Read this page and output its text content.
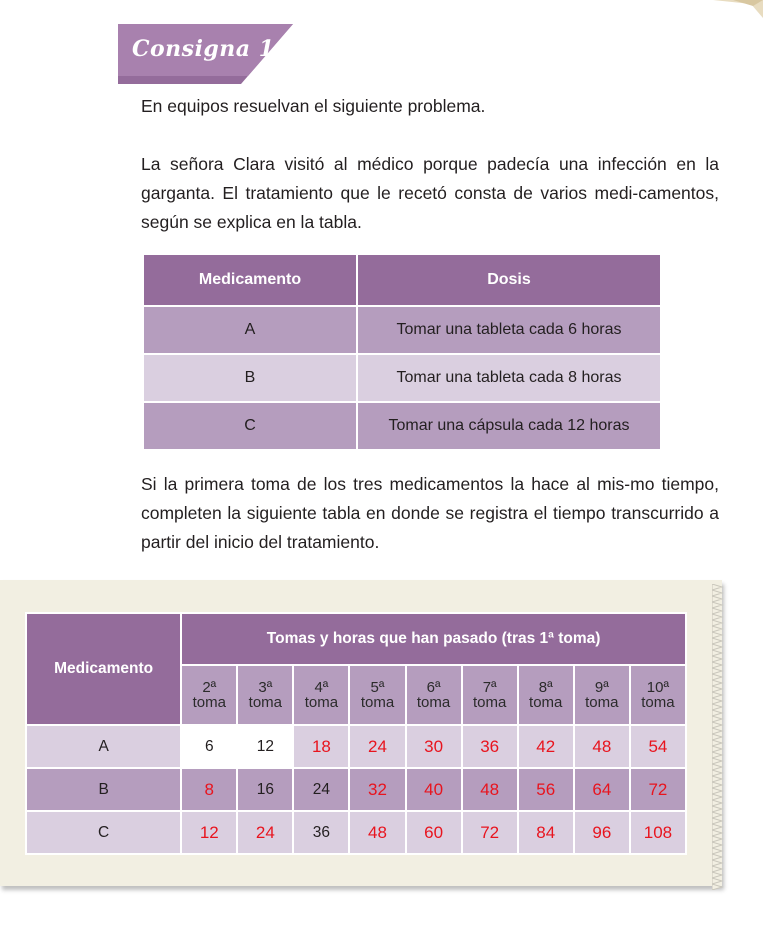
Consigna 1

En equipos resuelvan el siguiente problema.

La señora Clara visitó al médico porque padecía una infección en la garganta. El tratamiento que le recetó consta de varios medi-camentos, según se explica en la tabla.

Medicamento	Dosis
A	Tomar una tableta cada 6 horas
B	Tomar una tableta cada 8 horas
C	Tomar una cápsula cada 12 horas

Si la primera toma de los tres medicamentos la hace al mis-mo tiempo, completen la siguiente tabla en donde se registra el tiempo transcurrido a partir del inicio del tratamiento.

Medicamento	Tomas y horas que han pasado (tras 1ª toma)								
	2ª toma	3ª toma	4ª toma	5ª toma	6ª toma	7ª toma	8ª toma	9ª toma	10ª toma
A	6	12	18	24	30	36	42	48	54
B	8	16	24	32	40	48	56	64	72
C	12	24	36	48	60	72	84	96	108
